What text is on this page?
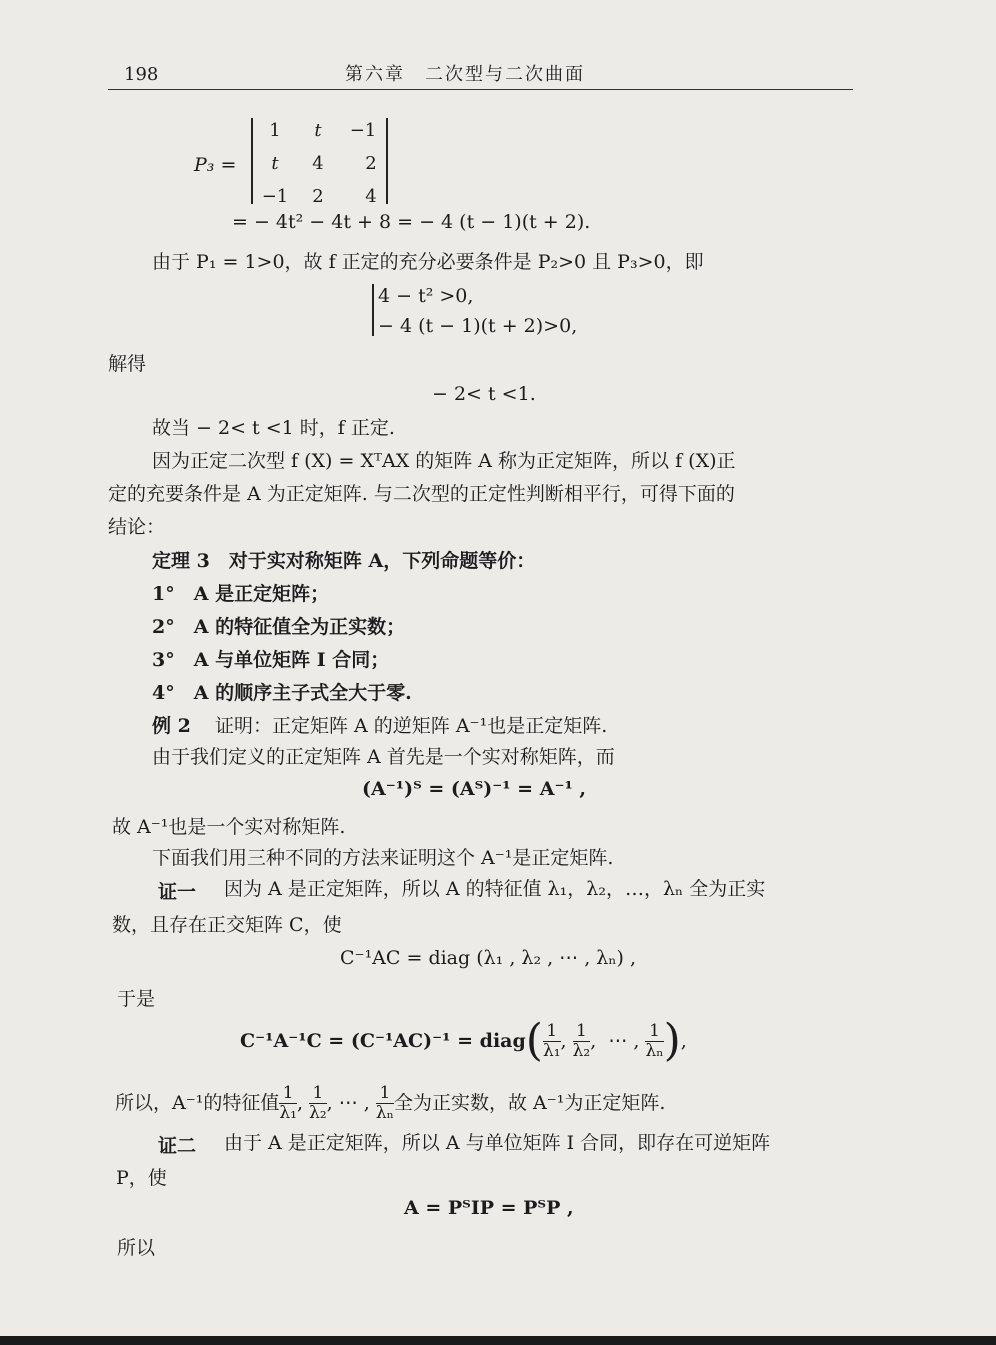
198	第六章　二次型与二次曲面
P₃ =
1	t	−1
t	4	2
−1	2	4
= − 4t² − 4t + 8 = − 4 (t − 1)(t + 2).
由于 P₁ = 1>0，故 f 正定的充分必要条件是 P₂>0 且 P₃>0，即
4 − t² >0,
− 4 (t − 1)(t + 2)>0,
解得
− 2< t <1.
故当 − 2< t <1 时，f 正定.
因为正定二次型 f (X) = XᵀAX 的矩阵 A 称为正定矩阵，所以 f (X)正
定的充要条件是 A 为正定矩阵. 与二次型的正定性判断相平行，可得下面的
结论：
定理 3　对于实对称矩阵 A，下列命题等价：
1°　A 是正定矩阵；
2°　A 的特征值全为正实数；
3°　A 与单位矩阵 I 合同；
4°　A 的顺序主子式全大于零.
例 2 证明：正定矩阵 A 的逆矩阵 A⁻¹也是正定矩阵.
由于我们定义的正定矩阵 A 首先是一个实对称矩阵，而
(A⁻¹)ᵀ = (Aᵀ)⁻¹ = A⁻¹ ,
故 A⁻¹也是一个实对称矩阵.
下面我们用三种不同的方法来证明这个 A⁻¹是正定矩阵.
证一 因为 A 是正定矩阵，所以 A 的特征值 λ₁，λ₂，…，λₙ 全为正实
数，且存在正交矩阵 C，使
C⁻¹AC = diag (λ₁ , λ₂ , ⋯ , λₙ) ,
于是
C⁻¹A⁻¹C = (C⁻¹AC)⁻¹ = diag ( $\frac{1}{\text{λ₁}}$ , $\frac{1}{\text{λ₂}}$ ,  ⋯ , $\frac{1}{\text{λₙ}}$ ) ,
所以，A⁻¹的特征值 $\frac{1}{\text{λ₁}}$ , $\frac{1}{\text{λ₂}}$ , ⋯ , $\frac{1}{\text{λₙ}}$ 全为正实数，故 A⁻¹为正定矩阵.
证二 由于 A 是正定矩阵，所以 A 与单位矩阵 I 合同，即存在可逆矩阵
P，使
A = PᵀIP = PᵀP ,
所以
